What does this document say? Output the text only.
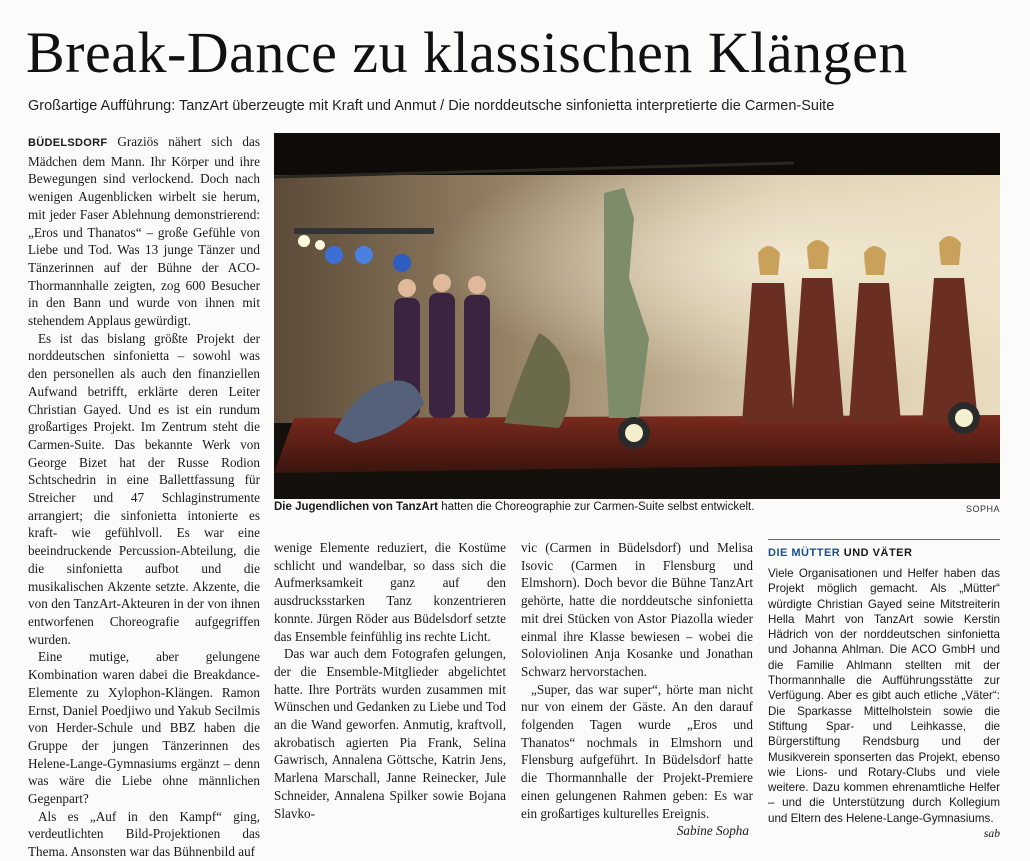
Break-Dance zu klassischen Klängen

Großartige Aufführung: TanzArt überzeugte mit Kraft und Anmut / Die norddeutsche sinfonietta interpretierte die Carmen-Suite

BÜDELSDORF Graziös nähert sich das Mädchen dem Mann. Ihr Körper und ihre Bewegungen sind verlockend. Doch nach wenigen Augenblicken wirbelt sie herum, mit jeder Faser Ablehnung demonstrierend: „Eros und Thanatos“ – große Gefühle von Liebe und Tod. Was 13 junge Tänzer und Tänzerinnen auf der Bühne der ACO-Thormannhalle zeigten, zog 600 Besucher in den Bann und wurde von ihnen mit stehendem Applaus gewürdigt.

Es ist das bislang größte Projekt der norddeutschen sinfonietta – sowohl was den personellen als auch den finanziellen Aufwand betrifft, erklärte deren Leiter Christian Gayed. Und es ist ein rundum großartiges Projekt. Im Zentrum steht die Carmen-Suite. Das bekannte Werk von George Bizet hat der Russe Rodion Schtschedrin in eine Ballettfassung für Streicher und 47 Schlaginstrumente arrangiert; die sinfonietta intonierte es kraft- wie gefühlvoll. Es war eine beeindruckende Percussion-Abteilung, die die sinfonietta aufbot und die musikalischen Akzente setzte. Akzente, die von den TanzArt-Akteuren in der von ihnen entworfenen Choreografie aufgegriffen wurden.

Eine mutige, aber gelungene Kombination waren dabei die Breakdance-Elemente zu Xylophon-Klängen. Ramon Ernst, Daniel Poedjiwo und Yakub Secilmis von Herder-Schule und BBZ haben die Gruppe der jungen Tänzerinnen des Helene-Lange-Gymnasiums ergänzt – denn was wäre die Liebe ohne männlichen Gegenpart?

Als es „Auf in den Kampf“ ging, verdeutlichten Bild-Projektionen das Thema. Ansonsten war das Bühnenbild auf

Die Jugendlichen von TanzArt hatten die Choreographie zur Carmen-Suite selbst entwickelt.	SOPHA

wenige Elemente reduziert, die Kostüme schlicht und wandelbar, so dass sich die Aufmerksamkeit ganz auf den ausdrucksstarken Tanz konzentrieren konnte. Jürgen Röder aus Büdelsdorf setzte das Ensemble feinfühlig ins rechte Licht.

Das war auch dem Fotografen gelungen, der die Ensemble-Mitglieder abgelichtet hatte. Ihre Porträts wurden zusammen mit Wünschen und Gedanken zu Liebe und Tod an die Wand geworfen. Anmutig, kraftvoll, akrobatisch agierten Pia Frank, Selina Gawrisch, Annalena Göttsche, Katrin Jens, Marlena Marschall, Janne Reinecker, Jule Schneider, Annalena Spilker sowie Bojana Slavko-

vic (Carmen in Büdelsdorf) und Melisa Isovic (Carmen in Flensburg und Elmshorn). Doch bevor die Bühne TanzArt gehörte, hatte die norddeutsche sinfonietta mit drei Stücken von Astor Piazolla wieder einmal ihre Klasse bewiesen – wobei die Soloviolinen Anja Kosanke und Jonathan Schwarz hervorstachen.

„Super, das war super“, hörte man nicht nur von einem der Gäste. An den darauf folgenden Tagen wurde „Eros und Thanatos“ nochmals in Elmshorn und Flensburg aufgeführt. In Büdelsdorf hatte die Thormannhalle der Projekt-Premiere einen gelungenen Rahmen geben: Es war ein großartiges kulturelles Ereignis.
Sabine Sopha

DIE MÜTTER UND VÄTER
Viele Organisationen und Helfer haben das Projekt möglich gemacht. Als „Mütter“ würdigte Christian Gayed seine Mitstreiterin Hella Mahrt von TanzArt sowie Kerstin Hädrich von der norddeutschen sinfonietta und Johanna Ahlman. Die ACO GmbH und die Familie Ahlmann stellten mit der Thormannhalle die Aufführungsstätte zur Verfügung. Aber es gibt auch etliche „Väter“: Die Sparkasse Mittelholstein sowie die Stiftung Spar- und Leihkasse, die Bürgerstiftung Rendsburg und der Musikverein sponserten das Projekt, ebenso wie Lions- und Rotary-Clubs und viele weitere. Dazu kommen ehrenamtliche Helfer – und die Unterstützung durch Kollegium und Eltern des Helene-Lange-Gymnasiums.
sab
